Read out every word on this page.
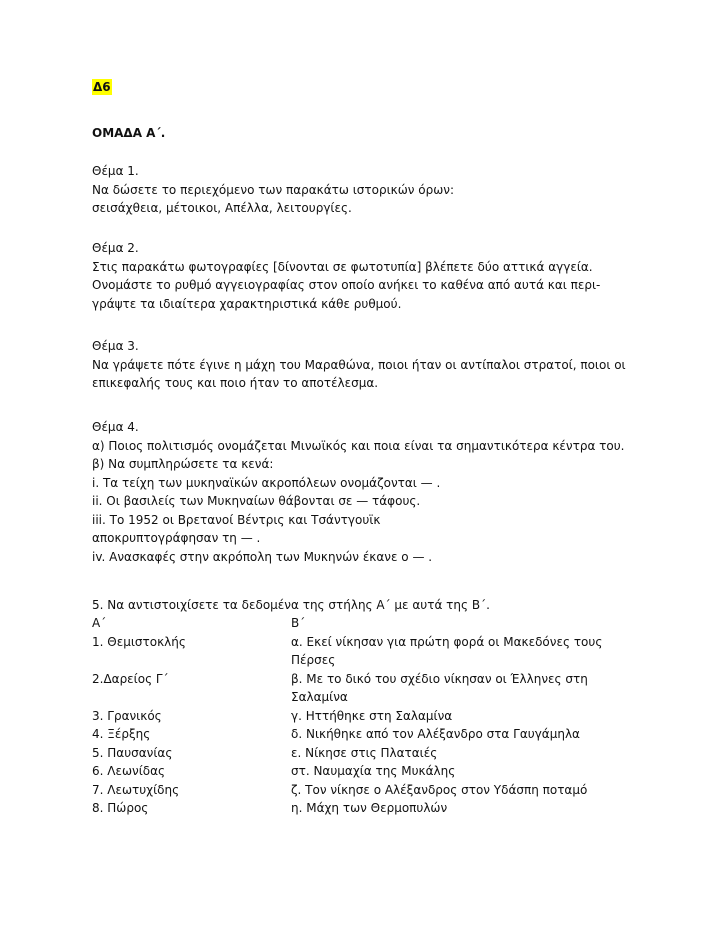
Δ6
ΟΜΑΔΑ Α΄.
Θέμα 1.
Να δώσετε το περιεχόμενο των παρακάτω ιστορικών όρων:
σεισάχθεια, μέτοικοι, Απέλλα, λειτουργίες.
Θέμα 2.
Στις παρακάτω φωτογραφίες [δίνονται σε φωτοτυπία] βλέπετε δύο αττικά αγγεία.
Ονομάστε το ρυθμό αγγειογραφίας στον οποίο ανήκει το καθένα από αυτά και περι-
γράψτε τα ιδιαίτερα χαρακτηριστικά κάθε ρυθμού.
Θέμα 3.
Να γράψετε πότε έγινε η μάχη του Μαραθώνα, ποιοι ήταν οι αντίπαλοι στρατοί, ποιοι οι
επικεφαλής τους και ποιο ήταν το αποτέλεσμα.
Θέμα 4.
α) Ποιος πολιτισμός ονομάζεται Μινωϊκός και ποια είναι τα σημαντικότερα κέντρα του.
β) Να συμπληρώσετε τα κενά:
i. Τα τείχη των μυκηναϊκών ακροπόλεων ονομάζονται — .
ii. Οι βασιλείς των Μυκηναίων θάβονται σε — τάφους.
iii. Το 1952 οι Βρετανοί Βέντρις και Τσάντγουϊκ
αποκρυπτογράφησαν τη — .
iv. Ανασκαφές στην ακρόπολη των Μυκηνών έκανε ο — .
5. Να αντιστοιχίσετε τα δεδομένα της στήλης Α΄ με αυτά της Β΄.
Α΄	Β΄
1. Θεμιστοκλής	α. Εκεί νίκησαν για πρώτη φορά οι Μακεδόνες τους
Πέρσες
2.Δαρείος Γ΄	β. Με το δικό του σχέδιο νίκησαν οι Έλληνες στη
Σαλαμίνα
3. Γρανικός	γ. Ηττήθηκε στη Σαλαμίνα
4. Ξέρξης	δ. Νικήθηκε από τον Αλέξανδρο στα Γαυγάμηλα
5. Παυσανίας	ε. Νίκησε στις Πλαταιές
6. Λεωνίδας	στ. Ναυμαχία της Μυκάλης
7. Λεωτυχίδης	ζ. Τον νίκησε ο Αλέξανδρος στον Υδάσπη ποταμό
8. Πώρος	η. Μάχη των Θερμοπυλών
